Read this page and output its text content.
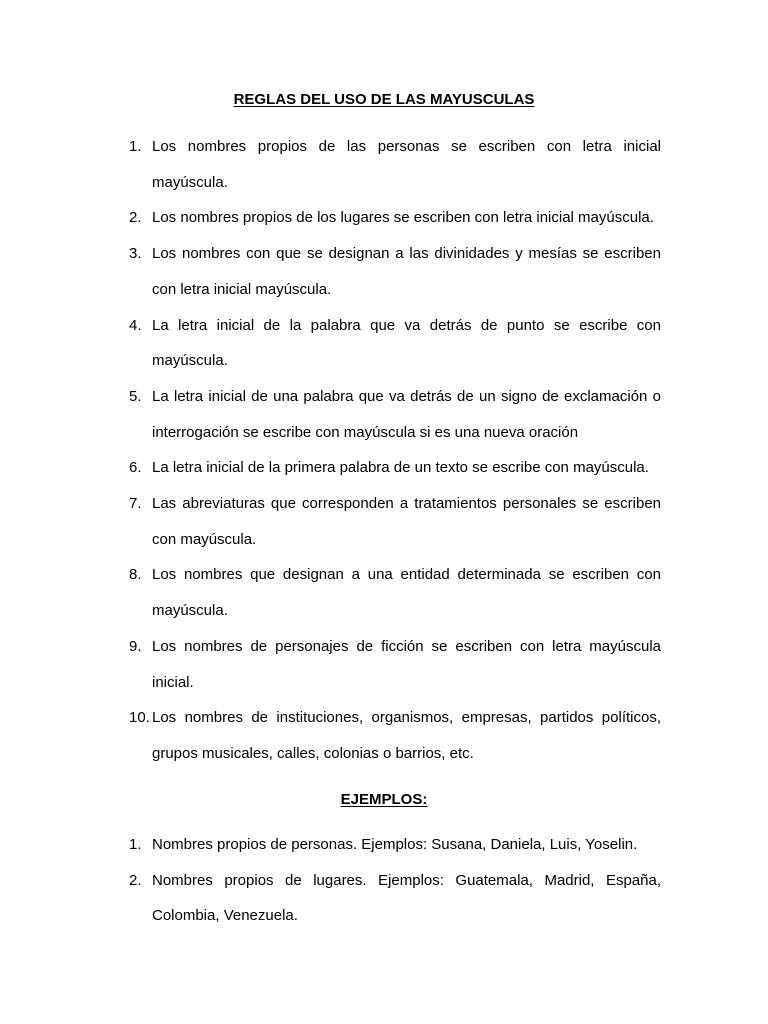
REGLAS DEL USO DE LAS MAYUSCULAS
1. Los nombres propios de las personas se escriben con letra inicial mayúscula.
2. Los nombres propios de los lugares se escriben con letra inicial mayúscula.
3. Los nombres con que se designan a las divinidades y mesías se escriben con letra inicial mayúscula.
4. La letra inicial de la palabra que va detrás de punto se escribe con mayúscula.
5. La letra inicial de una palabra que va detrás de un signo de exclamación o interrogación se escribe con mayúscula si es una nueva oración
6. La letra inicial de la primera palabra de un texto se escribe con mayúscula.
7. Las abreviaturas que corresponden a tratamientos personales se escriben con mayúscula.
8. Los nombres que designan a una entidad determinada se escriben con mayúscula.
9. Los nombres de personajes de ficción se escriben con letra mayúscula inicial.
10. Los nombres de instituciones, organismos, empresas, partidos políticos, grupos musicales, calles, colonias o barrios, etc.
EJEMPLOS:
1. Nombres propios de personas. Ejemplos: Susana, Daniela, Luis, Yoselin.
2. Nombres propios de lugares. Ejemplos: Guatemala, Madrid, España, Colombia, Venezuela.
